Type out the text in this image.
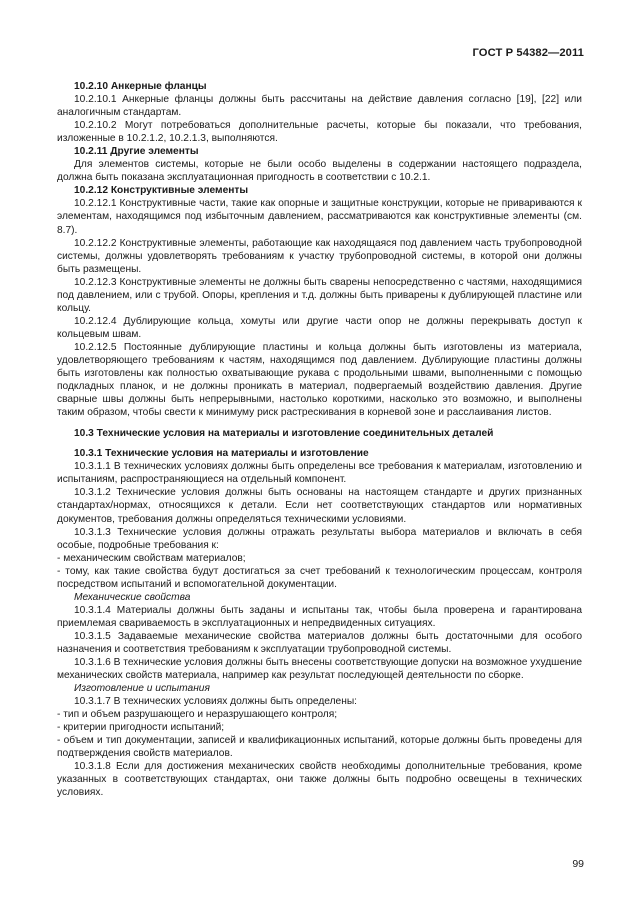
ГОСТ Р 54382—2011

10.2.10 Анкерные фланцы

10.2.10.1 Анкерные фланцы должны быть рассчитаны на действие давления согласно [19], [22] или аналогичным стандартам.

10.2.10.2 Могут потребоваться дополнительные расчеты, которые бы показали, что требования, изложенные в 10.2.1.2, 10.2.1.3, выполняются.

10.2.11 Другие элементы

Для элементов системы, которые не были особо выделены в содержании настоящего подраздела, должна быть показана эксплуатационная пригодность в соответствии с 10.2.1.

10.2.12 Конструктивные элементы

10.2.12.1 Конструктивные части, такие как опорные и защитные конструкции, которые не привариваются к элементам, находящимся под избыточным давлением, рассматриваются как конструктивные элементы (см. 8.7).

10.2.12.2 Конструктивные элементы, работающие как находящаяся под давлением часть трубопроводной системы, должны удовлетворять требованиям к участку трубопроводной системы, в которой они должны быть размещены.

10.2.12.3 Конструктивные элементы не должны быть сварены непосредственно с частями, находящимися под давлением, или с трубой. Опоры, крепления и т.д. должны быть приварены к дублирующей пластине или кольцу.

10.2.12.4 Дублирующие кольца, хомуты или другие части опор не должны перекрывать доступ к кольцевым швам.

10.2.12.5 Постоянные дублирующие пластины и кольца должны быть изготовлены из материала, удовлетворяющего требованиям к частям, находящимся под давлением. Дублирующие пластины должны быть изготовлены как полностью охватывающие рукава с продольными швами, выполненными с помощью подкладных планок, и не должны проникать в материал, подвергаемый воздействию давления. Другие сварные швы должны быть непрерывными, настолько короткими, насколько это возможно, и выполнены таким образом, чтобы свести к минимуму риск растрескивания в корневой зоне и расслаивания листов.

10.3 Технические условия на материалы и изготовление соединительных деталей

10.3.1 Технические условия на материалы и изготовление

10.3.1.1 В технических условиях должны быть определены все требования к материалам, изготовлению и испытаниям, распространяющиеся на отдельный компонент.

10.3.1.2 Технические условия должны быть основаны на настоящем стандарте и других признанных стандартах/нормах, относящихся к детали. Если нет соответствующих стандартов или нормативных документов, требования должны определяться техническими условиями.

10.3.1.3 Технические условия должны отражать результаты выбора материалов и включать в себя особые, подробные требования к:

- механическим свойствам материалов;

- тому, как такие свойства будут достигаться за счет требований к технологическим процессам, контроля посредством испытаний и вспомогательной документации.

Механические свойства

10.3.1.4 Материалы должны быть заданы и испытаны так, чтобы была проверена и гарантирована приемлемая свариваемость в эксплуатационных и непредвиденных ситуациях.

10.3.1.5 Задаваемые механические свойства материалов должны быть достаточными для особого назначения и соответствия требованиям к эксплуатации трубопроводной системы.

10.3.1.6 В технические условия должны быть внесены соответствующие допуски на возможное ухудшение механических свойств материала, например как результат последующей деятельности по сборке.

Изготовление и испытания

10.3.1.7 В технических условиях должны быть определены:

- тип и объем разрушающего и неразрушающего контроля;

- критерии пригодности испытаний;

- объем и тип документации, записей и квалификационных испытаний, которые должны быть проведены для подтверждения свойств материалов.

10.3.1.8 Если для достижения механических свойств необходимы дополнительные требования, кроме указанных в соответствующих стандартах, они также должны быть подробно освещены в технических условиях.

99
